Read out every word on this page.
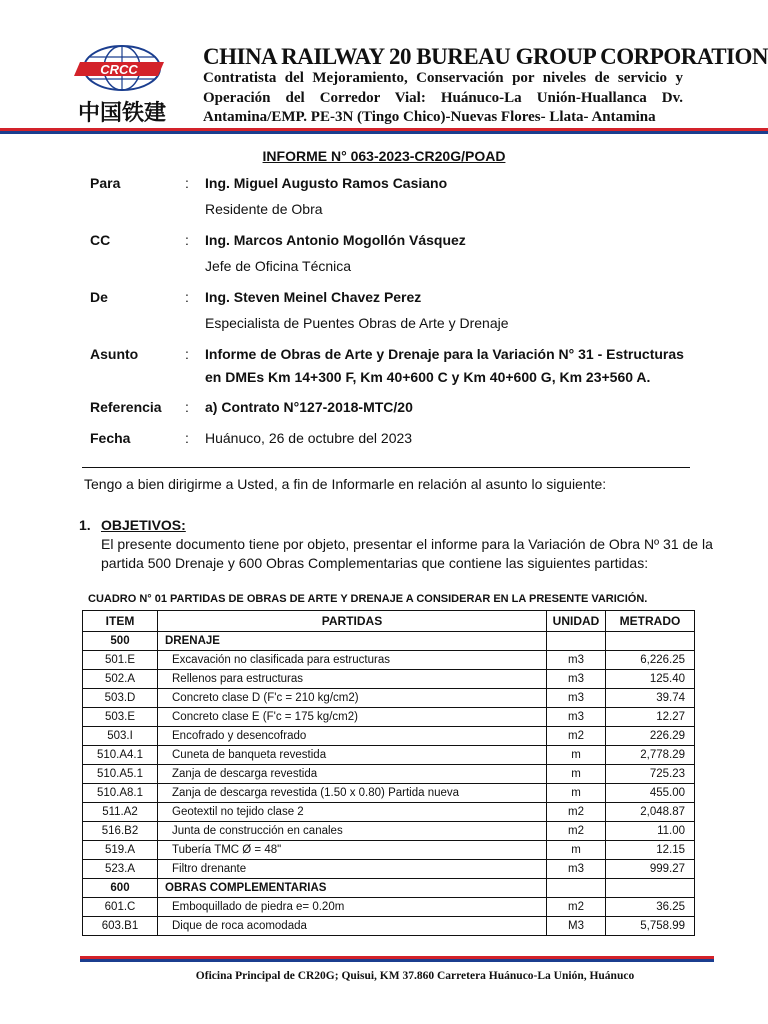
CRCC
中国铁建
CHINA RAILWAY 20 BUREAU GROUP CORPORATION
Contratista del Mejoramiento, Conservación por niveles de servicio y Operación del Corredor Vial: Huánuco-La Unión-Huallanca Dv. Antamina/EMP. PE-3N (Tingo Chico)-Nuevas Flores- Llata- Antamina
INFORME N° 063-2023-CR20G/POAD
Para	: Ing. Miguel Augusto Ramos Casiano
Residente de Obra
CC	: Ing. Marcos Antonio Mogollón Vásquez
Jefe de Oficina Técnica
De	: Ing. Steven Meinel Chavez Perez
Especialista de Puentes Obras de Arte y Drenaje
Asunto	: Informe de Obras de Arte y Drenaje para la Variación N° 31 - Estructuras
en DMEs Km 14+300 F, Km 40+600 C y Km 40+600 G, Km 23+560 A.
Referencia : a) Contrato N°127-2018-MTC/20
Fecha	: Huánuco, 26 de octubre del 2023
Tengo a bien dirigirme a Usted, a fin de Informarle en relación al asunto lo siguiente:
1. OBJETIVOS:
El presente documento tiene por objeto, presentar el informe para la Variación de Obra Nº 31 de la partida 500 Drenaje y 600 Obras Complementarias que contiene las siguientes partidas:
CUADRO N° 01 PARTIDAS DE OBRAS DE ARTE Y DRENAJE A CONSIDERAR EN LA PRESENTE VARICIÓN.
ITEM	PARTIDAS	UNIDAD	METRADO
500	DRENAJE		
501.E	Excavación no clasificada para estructuras	m3	6,226.25
502.A	Rellenos para estructuras	m3	125.40
503.D	Concreto clase D (F'c = 210 kg/cm2)	m3	39.74
503.E	Concreto clase E (F'c = 175 kg/cm2)	m3	12.27
503.I	Encofrado y desencofrado	m2	226.29
510.A4.1	Cuneta de banqueta revestida	m	2,778.29
510.A5.1	Zanja de descarga revestida	m	725.23
510.A8.1	Zanja de descarga revestida (1.50 x 0.80) Partida nueva	m	455.00
511.A2	Geotextil no tejido clase 2	m2	2,048.87
516.B2	Junta de construcción en canales	m2	11.00
519.A	Tubería TMC Ø = 48"	m	12.15
523.A	Filtro drenante	m3	999.27
600	OBRAS COMPLEMENTARIAS		
601.C	Emboquillado de piedra e= 0.20m	m2	36.25
603.B1	Dique de roca acomodada	M3	5,758.99
Oficina Principal de CR20G; Quisui, KM 37.860 Carretera Huánuco-La Unión, Huánuco
